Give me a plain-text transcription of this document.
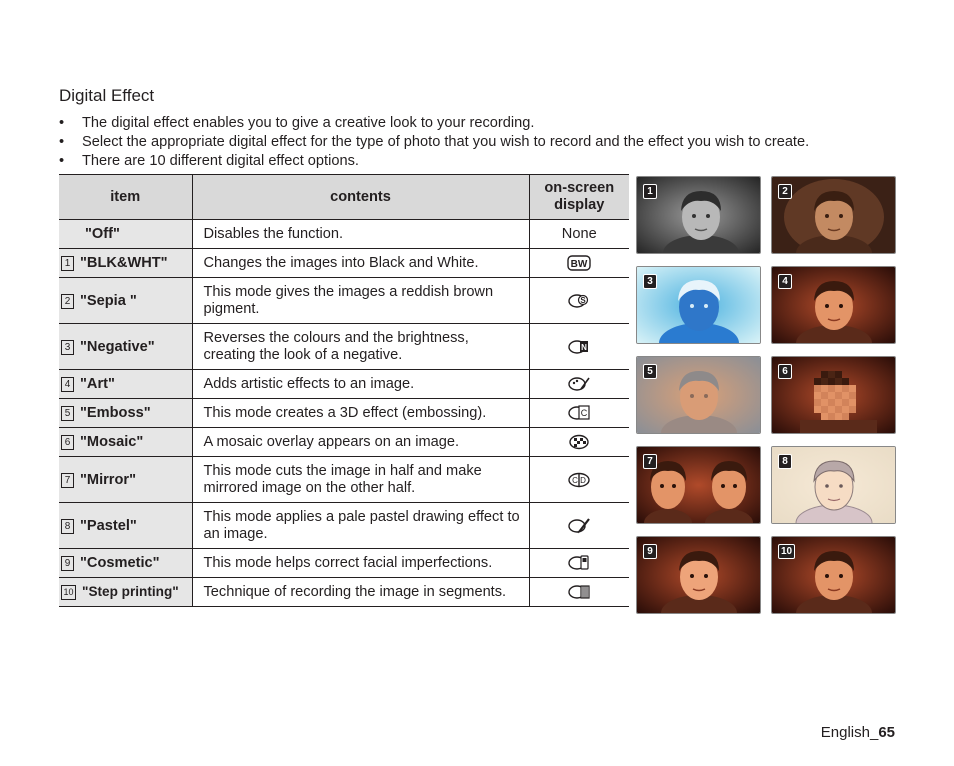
Digital Effect
• The digital effect enables you to give a creative look to your recording.
• Select the appropriate digital effect for the type of photo that you wish to record and the effect you wish to create.
• There are 10 different digital effect options.
item	contents	on-screen
display
"Off"	Disables the function.	None
1 "BLK&WHT"	Changes the images into Black and White.	BW

2 "Sepia "	This mode gives the images a reddish brown pigment.	S

3 "Negative"	Reverses the colours and the brightness, creating the look of a negative.	N

4 "Art"	Adds artistic effects to an image.	
5 "Emboss"	This mode creates a 3D effect (embossing).	C

6 "Mosaic"	A mosaic overlay appears on an image.	
7 "Mirror"	This mode cuts the image in half and make mirrored image on the other half.	C D

8 "Pastel"	This mode applies a pale pastel drawing effect to an image.	
9 "Cosmetic"	This mode helps correct facial imperfections.	
10 "Step printing"	Technique of recording the image in segments.	
1	2
3	4
5	6
7	8
9	10
English_65
